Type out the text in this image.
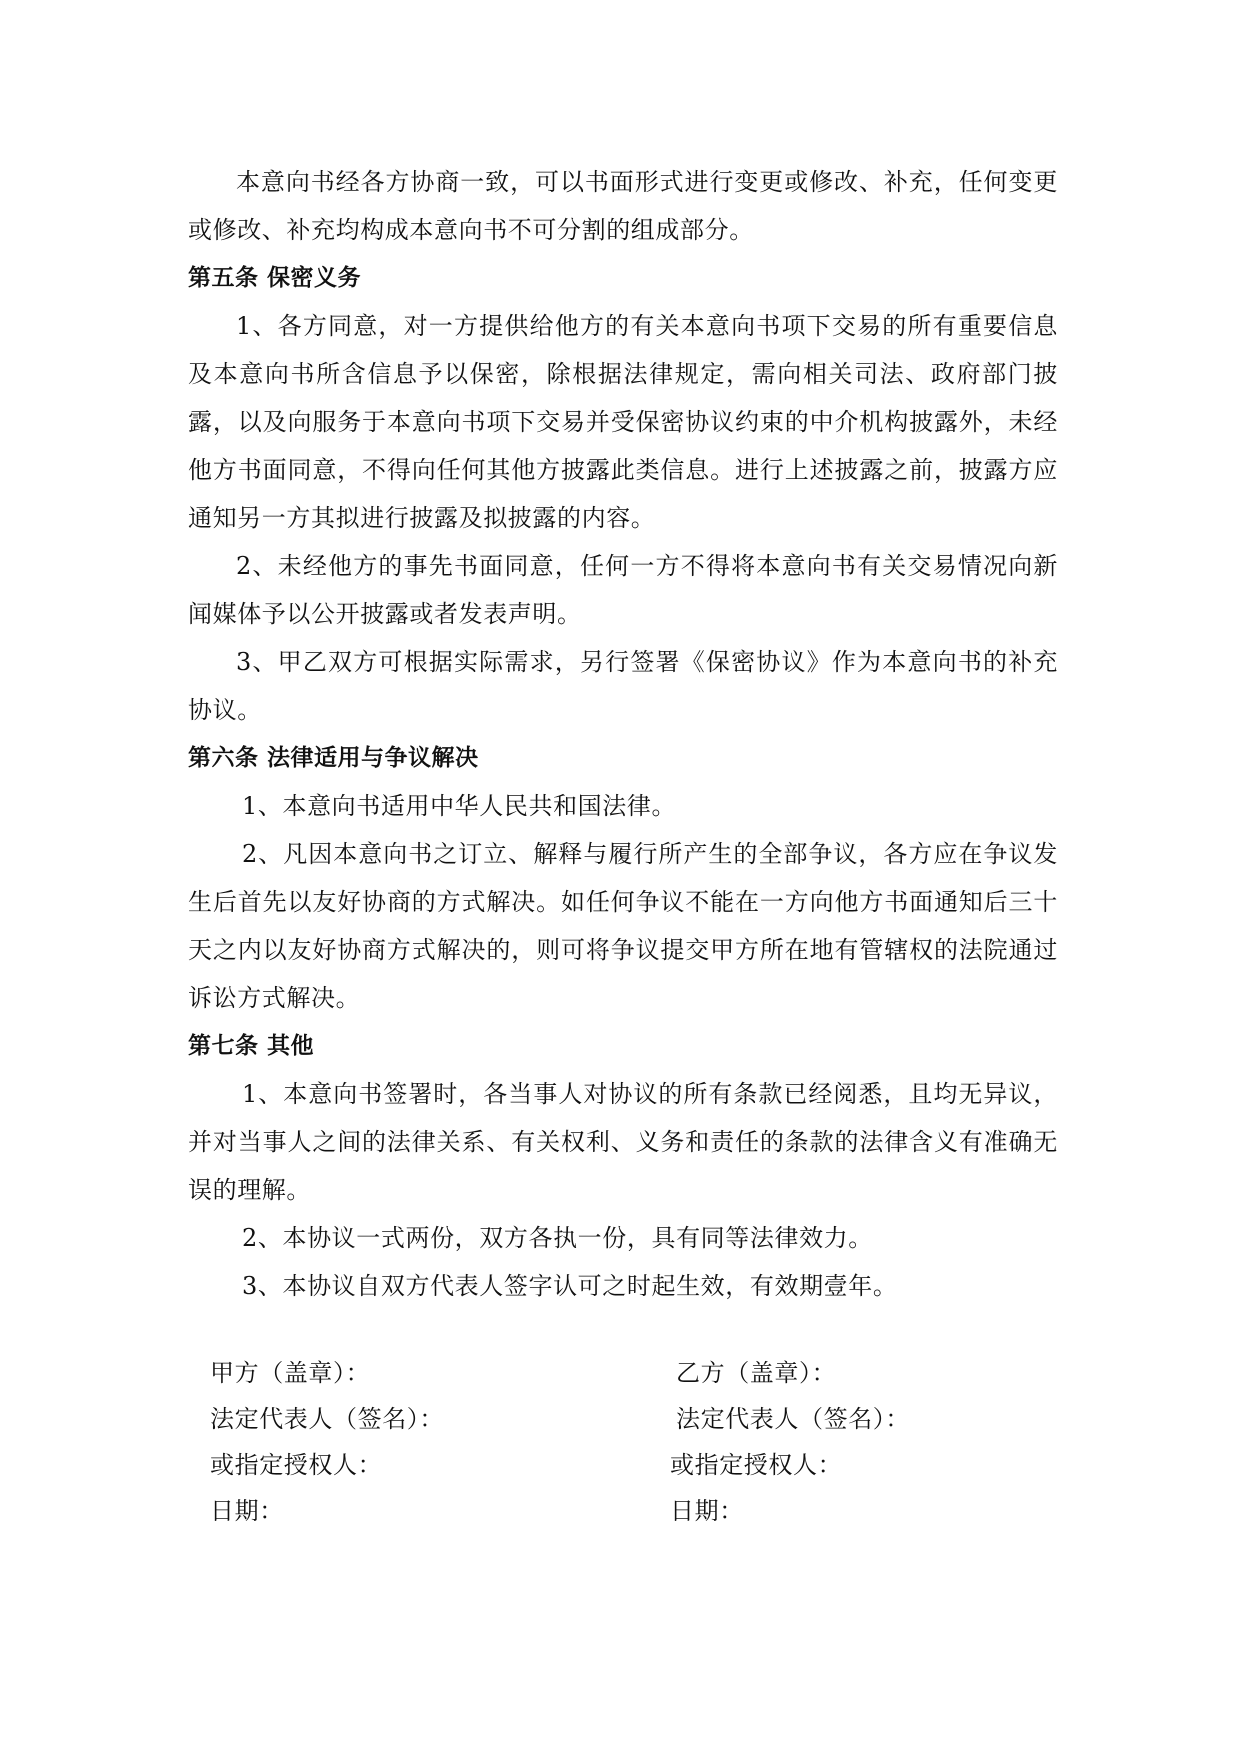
本意向书经各方协商一致，可以书面形式进行变更或修改、补充，任何变更或修改、补充均构成本意向书不可分割的组成部分。

第五条 保密义务

1、各方同意，对一方提供给他方的有关本意向书项下交易的所有重要信息及本意向书所含信息予以保密，除根据法律规定，需向相关司法、政府部门披露，以及向服务于本意向书项下交易并受保密协议约束的中介机构披露外，未经他方书面同意，不得向任何其他方披露此类信息。进行上述披露之前，披露方应通知另一方其拟进行披露及拟披露的内容。

2、未经他方的事先书面同意，任何一方不得将本意向书有关交易情况向新闻媒体予以公开披露或者发表声明。

3、甲乙双方可根据实际需求，另行签署《保密协议》作为本意向书的补充协议。

第六条 法律适用与争议解决

1、本意向书适用中华人民共和国法律。

2、凡因本意向书之订立、解释与履行所产生的全部争议，各方应在争议发生后首先以友好协商的方式解决。如任何争议不能在一方向他方书面通知后三十天之内以友好协商方式解决的，则可将争议提交甲方所在地有管辖权的法院通过诉讼方式解决。

第七条 其他

1、本意向书签署时，各当事人对协议的所有条款已经阅悉，且均无异议，并对当事人之间的法律关系、有关权利、义务和责任的条款的法律含义有准确无误的理解。

2、本协议一式两份，双方各执一份，具有同等法律效力。

3、本协议自双方代表人签字认可之时起生效，有效期壹年。

甲方（盖章）：	乙方（盖章）：
法定代表人（签名）：	法定代表人（签名）：
或指定授权人：	或指定授权人：
日期：	日期：
